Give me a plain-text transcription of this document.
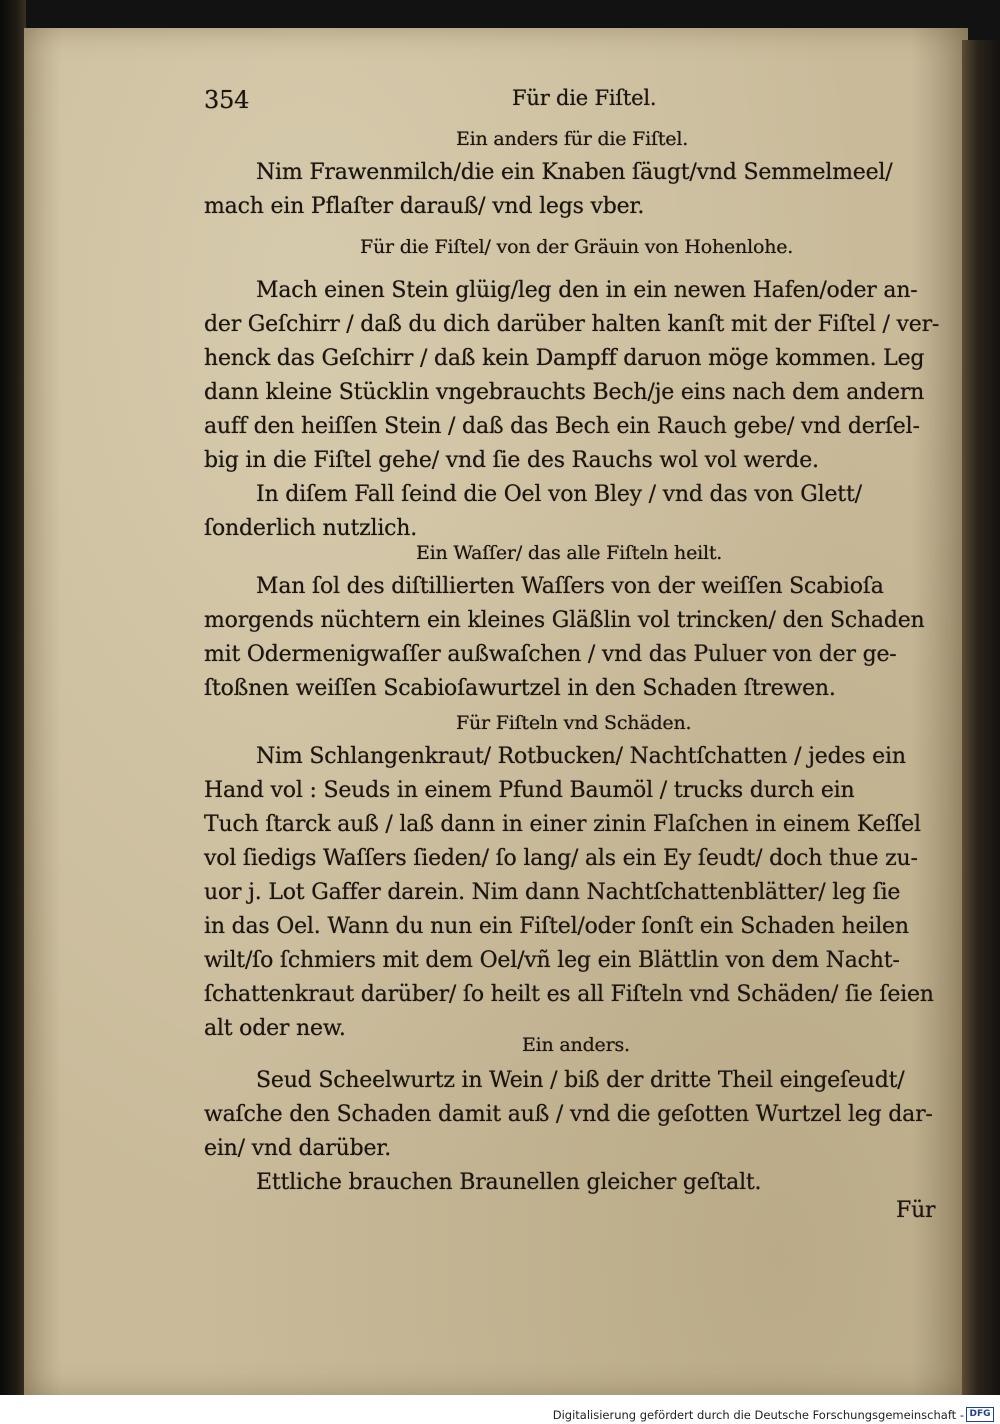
354	Für die Fiſtel.
Ein anders für die Fiſtel.
Nim Frawenmilch/die ein Knaben ſäugt/vnd Semmelmeel/
mach ein Pflaſter darauß/ vnd legs vber.
Für die Fiſtel/ von der Gräuin von Hohenlohe.
Mach einen Stein glüig/leg den in ein newen Hafen/oder an-
der Geſchirr / daß du dich darüber halten kanſt mit der Fiſtel / ver-
henck das Geſchirr / daß kein Dampff daruon möge kommen. Leg
dann kleine Stücklin vngebrauchts Bech/je eins nach dem andern
auff den heiſſen Stein / daß das Bech ein Rauch gebe/ vnd derſel-
big in die Fiſtel gehe/ vnd ſie des Rauchs wol vol werde.
In diſem Fall ſeind die Oel von Bley / vnd das von Glett/
ſonderlich nutzlich.
Ein Waſſer/ das alle Fiſteln heilt.
Man ſol des diſtillierten Waſſers von der weiſſen Scabioſa
morgends nüchtern ein kleines Gläßlin vol trincken/ den Schaden
mit Odermenigwaſſer außwaſchen / vnd das Puluer von der ge-
ſtoßnen weiſſen Scabioſawurtzel in den Schaden ſtrewen.
Für Fiſteln vnd Schäden.
Nim Schlangenkraut/ Rotbucken/ Nachtſchatten / jedes ein
Hand vol : Seuds in einem Pfund Baumöl / trucks durch ein
Tuch ſtarck auß / laß dann in einer zinin Flaſchen in einem Keſſel
vol ſiedigs Waſſers ſieden/ ſo lang/ als ein Ey ſeudt/ doch thue zu-
uor j. Lot Gaffer darein. Nim dann Nachtſchattenblätter/ leg ſie
in das Oel. Wann du nun ein Fiſtel/oder ſonſt ein Schaden heilen
wilt/ſo ſchmiers mit dem Oel/vñ leg ein Blättlin von dem Nacht-
ſchattenkraut darüber/ ſo heilt es all Fiſteln vnd Schäden/ ſie ſeien
alt oder new.
Ein anders.
Seud Scheelwurtz in Wein / biß der dritte Theil eingeſeudt/
waſche den Schaden damit auß / vnd die geſotten Wurtzel leg dar-
ein/ vnd darüber.
Ettliche brauchen Braunellen gleicher geſtalt.
Für
Digitalisierung gefördert durch die Deutsche Forschungsgemeinschaft - DFG
